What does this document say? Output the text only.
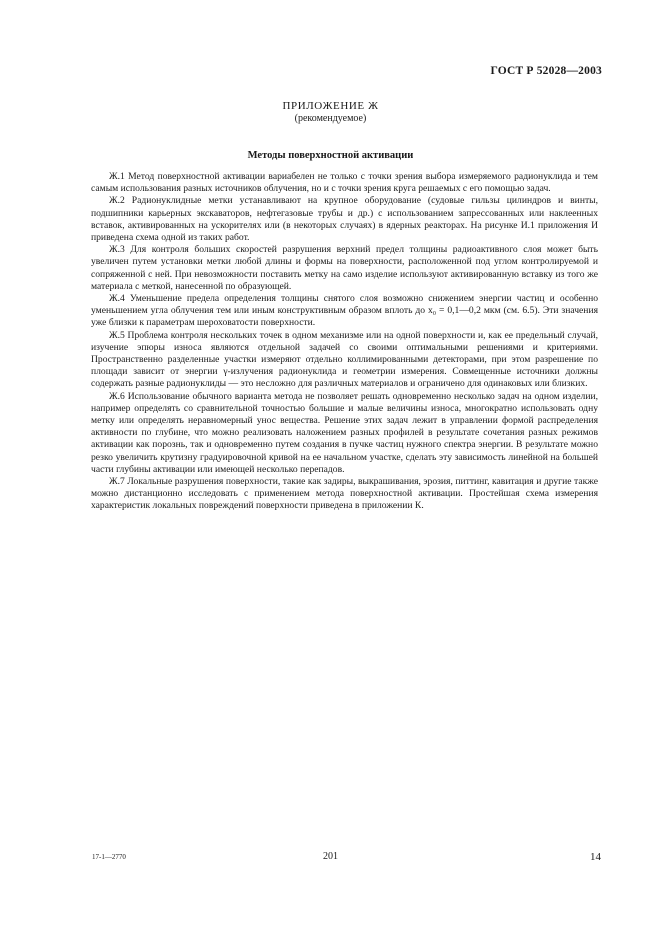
ГОСТ Р 52028—2003
ПРИЛОЖЕНИЕ Ж
(рекомендуемое)
Методы поверхностной активации

Ж.1 Метод поверхностной активации вариабелен не только с точки зрения выбора измеряемого радионуклида и тем самым использования разных источников облучения, но и с точки зрения круга решаемых с его помощью задач.

Ж.2 Радионуклидные метки устанавливают на крупное оборудование (судовые гильзы цилиндров и винты, подшипники карьерных экскаваторов, нефтегазовые трубы и др.) с использованием запрессованных или наклеенных вставок, активированных на ускорителях или (в некоторых случаях) в ядерных реакторах. На рисунке И.1 приложения И приведена схема одной из таких работ.

Ж.3 Для контроля больших скоростей разрушения верхний предел толщины радиоактивного слоя может быть увеличен путем установки метки любой длины и формы на поверхности, расположенной под углом контролируемой и сопряженной с ней. При невозможности поставить метку на само изделие используют активированную вставку из того же материала с меткой, нанесенной по образующей.

Ж.4 Уменьшение предела определения толщины снятого слоя возможно снижением энергии частиц и особенно уменьшением угла облучения тем или иным конструктивным образом вплоть до x₀ = 0,1—0,2 мкм (см. 6.5). Эти значения уже близки к параметрам шероховатости поверхности.

Ж.5 Проблема контроля нескольких точек в одном механизме или на одной поверхности и, как ее предельный случай, изучение эпюры износа являются отдельной задачей со своими оптимальными решениями и критериями. Пространственно разделенные участки измеряют отдельно коллимированными детекторами, при этом разрешение по площади зависит от энергии γ-излучения радионуклида и геометрии измерения. Совмещенные источники должны содержать разные радионуклиды — это несложно для различных материалов и ограничено для одинаковых или близких.

Ж.6 Использование обычного варианта метода не позволяет решать одновременно несколько задач на одном изделии, например определять со сравнительной точностью большие и малые величины износа, многократно использовать одну метку или определять неравномерный унос вещества. Решение этих задач лежит в управлении формой распределения активности по глубине, что можно реализовать наложением разных профилей в результате сочетания разных режимов активации как порознь, так и одновременно путем создания в пучке частиц нужного спектра энергии. В результате можно резко увеличить крутизну градуировочной кривой на ее начальном участке, сделать эту зависимость линейной на большей части глубины активации или имеющей несколько перепадов.

Ж.7 Локальные разрушения поверхности, такие как задиры, выкрашивания, эрозия, питтинг, кавитация и другие также можно дистанционно исследовать с применением метода поверхностной активации. Простейшая схема измерения характеристик локальных повреждений поверхности приведена в приложении К.

17-1—2770	201	14
